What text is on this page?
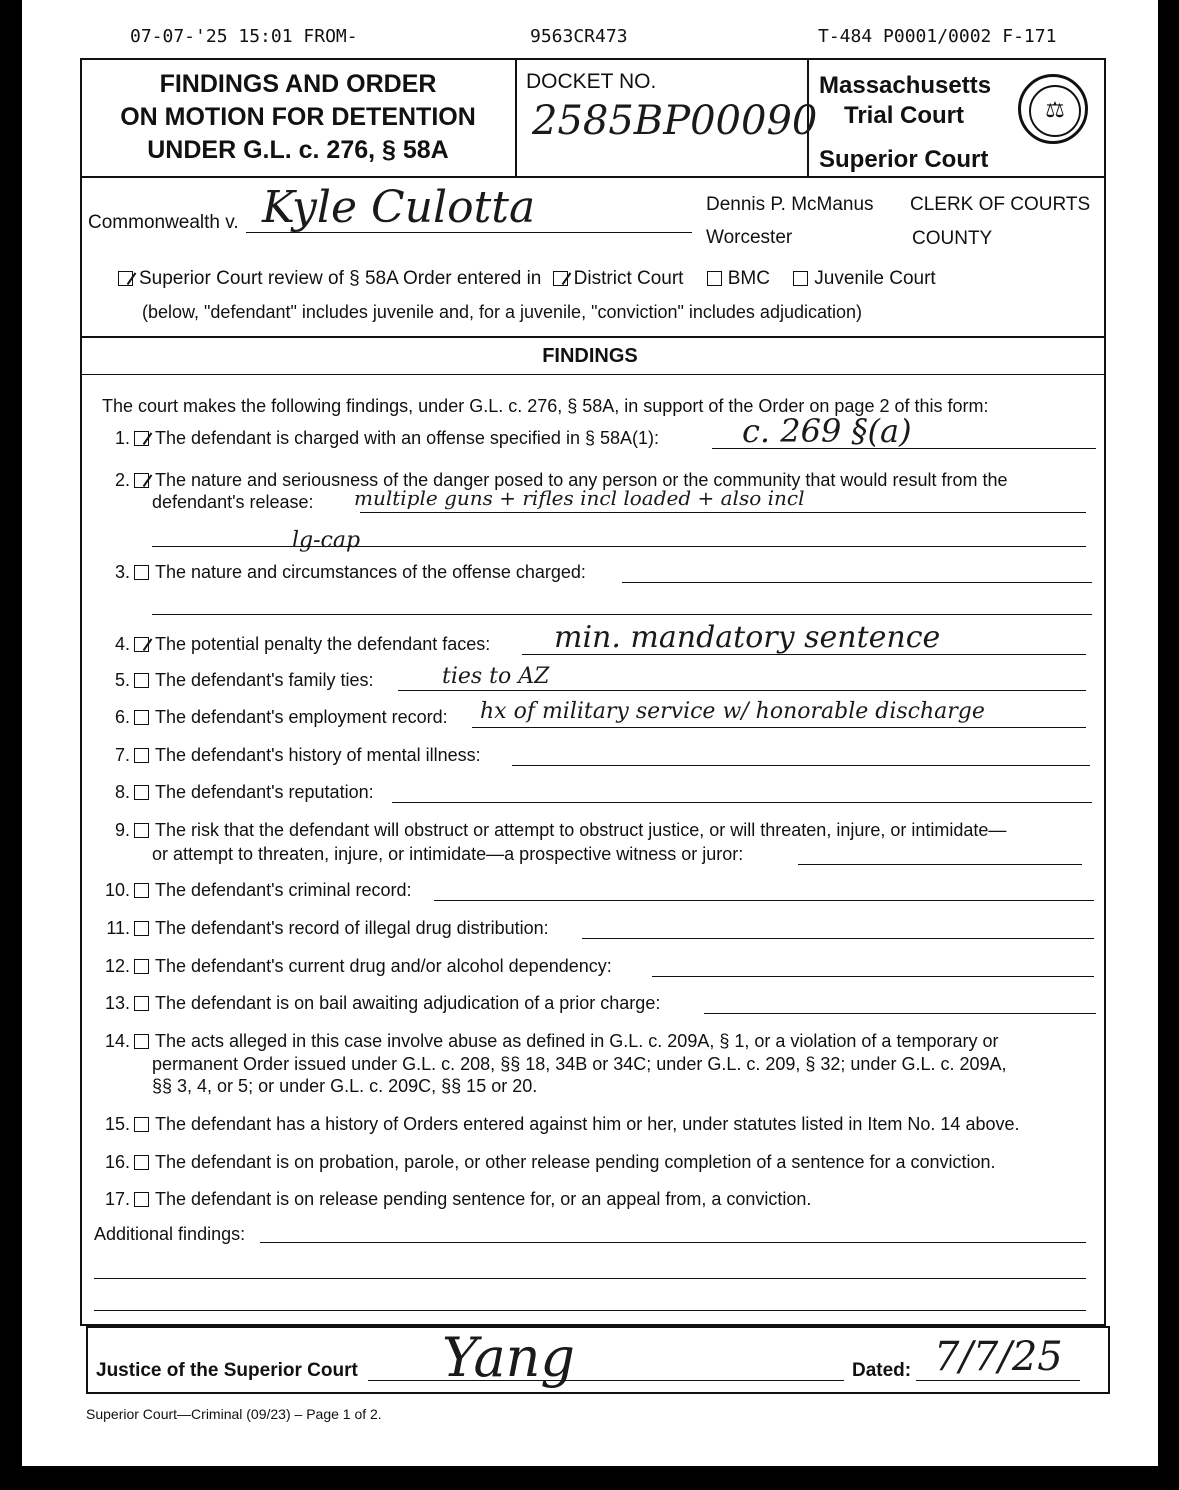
07-07-'25 15:01 FROM-	9563CR473	T-484 P0001/0002 F-171
FINDINGS AND ORDER
ON MOTION FOR DETENTION
UNDER G.L. c. 276, § 58A
DOCKET NO.
2585BP00090
Massachusetts
Trial Court
Superior Court
⚖
Commonwealth v. Kyle Culotta	Dennis P. McManus CLERK OF COURTS
Worcester	COUNTY
Superior Court review of § 58A Order entered in District Court BMC Juvenile Court
(below, "defendant" includes juvenile and, for a juvenile, "conviction" includes adjudication)
FINDINGS
The court makes the following findings, under G.L. c. 276, § 58A, in support of the Order on page 2 of this form:
1. The defendant is charged with an offense specified in § 58A(1):	c. 269 §(a)
2. The nature and seriousness of the danger posed to any person or the community that would result from the
defendant's release: multiple guns + rifles incl loaded + also incl
lg-cap
3. The nature and circumstances of the offense charged:
4. The potential penalty the defendant faces: min. mandatory sentence
5. The defendant's family ties:	ties to AZ
6. The defendant's employment record: hx of military service w/ honorable discharge
7. The defendant's history of mental illness:
8. The defendant's reputation:
9. The risk that the defendant will obstruct or attempt to obstruct justice, or will threaten, injure, or intimidate—
or attempt to threaten, injure, or intimidate—a prospective witness or juror:
10. The defendant's criminal record:
11. The defendant's record of illegal drug distribution:
12. The defendant's current drug and/or alcohol dependency:
13. The defendant is on bail awaiting adjudication of a prior charge:
14. The acts alleged in this case involve abuse as defined in G.L. c. 209A, § 1, or a violation of a temporary or
permanent Order issued under G.L. c. 208, §§ 18, 34B or 34C; under G.L. c. 209, § 32; under G.L. c. 209A,
§§ 3, 4, or 5; or under G.L. c. 209C, §§ 15 or 20.
15. The defendant has a history of Orders entered against him or her, under statutes listed in Item No. 14 above.
16. The defendant is on probation, parole, or other release pending completion of a sentence for a conviction.
17. The defendant is on release pending sentence for, or an appeal from, a conviction.
Additional findings:
Justice of the Superior Court Yang	Dated: 7/7/25
Superior Court—Criminal (09/23) – Page 1 of 2.
